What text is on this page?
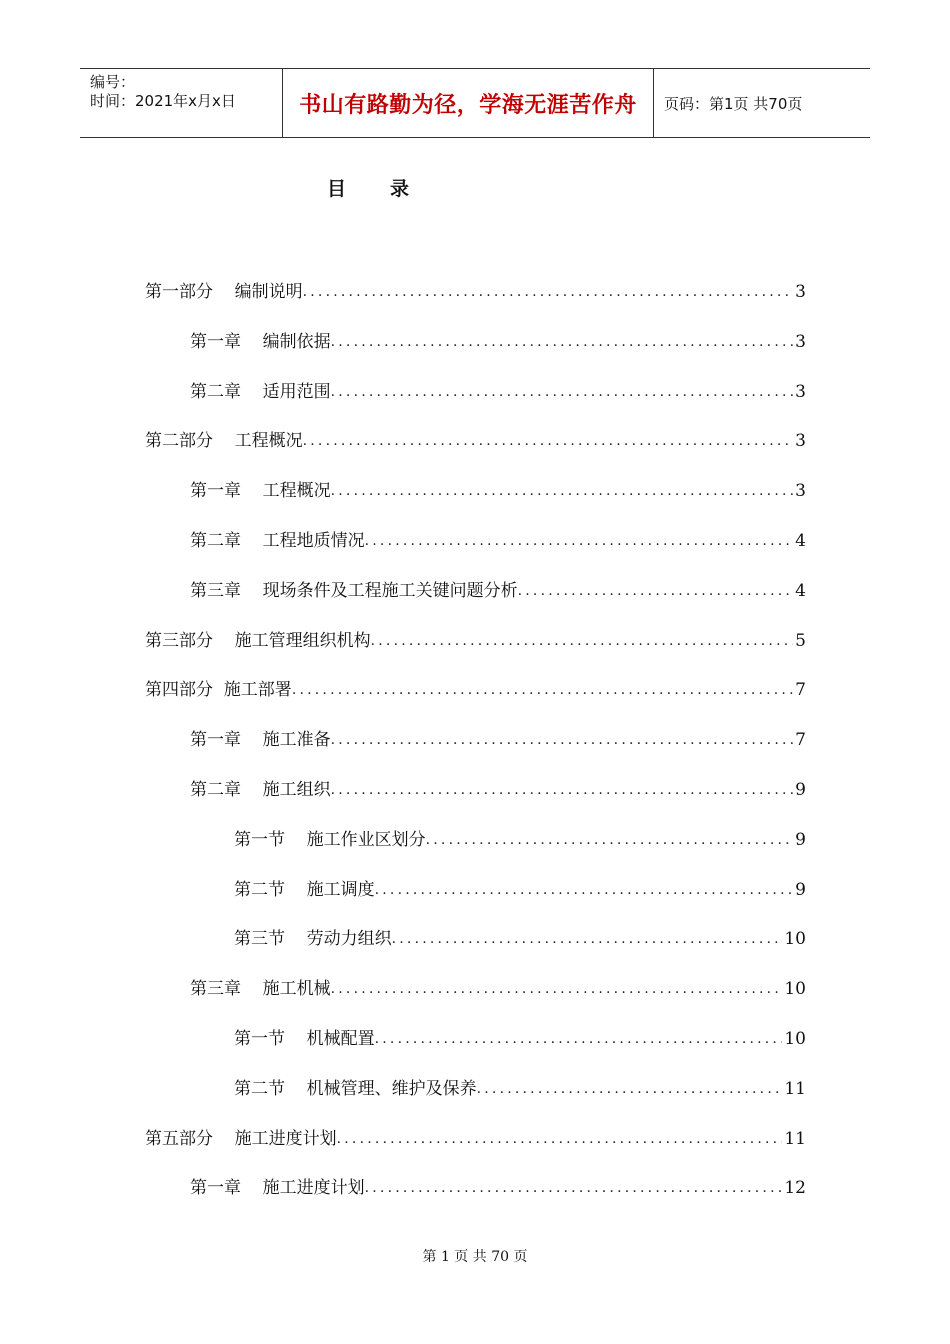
编号：
时间：2021年x月x日	书山有路勤为径，学海无涯苦作舟	页码：第1页 共70页
目录
第一部分    编制说明 .....	3
第一章    编制依据 .....	3
第二章    适用范围 .....	3
第二部分    工程概况 .....	3
第一章    工程概况 .....	3
第二章    工程地质情况 .....	4
第三章    现场条件及工程施工关键问题分析 .....	4
第三部分    施工管理组织机构 .....	5
第四部分  施工部署 .....	7
第一章    施工准备 .....	7
第二章    施工组织 .....	9
第一节    施工作业区划分 .....	9
第二节    施工调度 .....	9
第三节    劳动力组织 .....	10
第三章    施工机械 .....	10
第一节    机械配置 .....	10
第二节    机械管理、维护及保养 .....	11
第五部分    施工进度计划 .....	11
第一章    施工进度计划 .....	12
第 1 页 共 70 页
